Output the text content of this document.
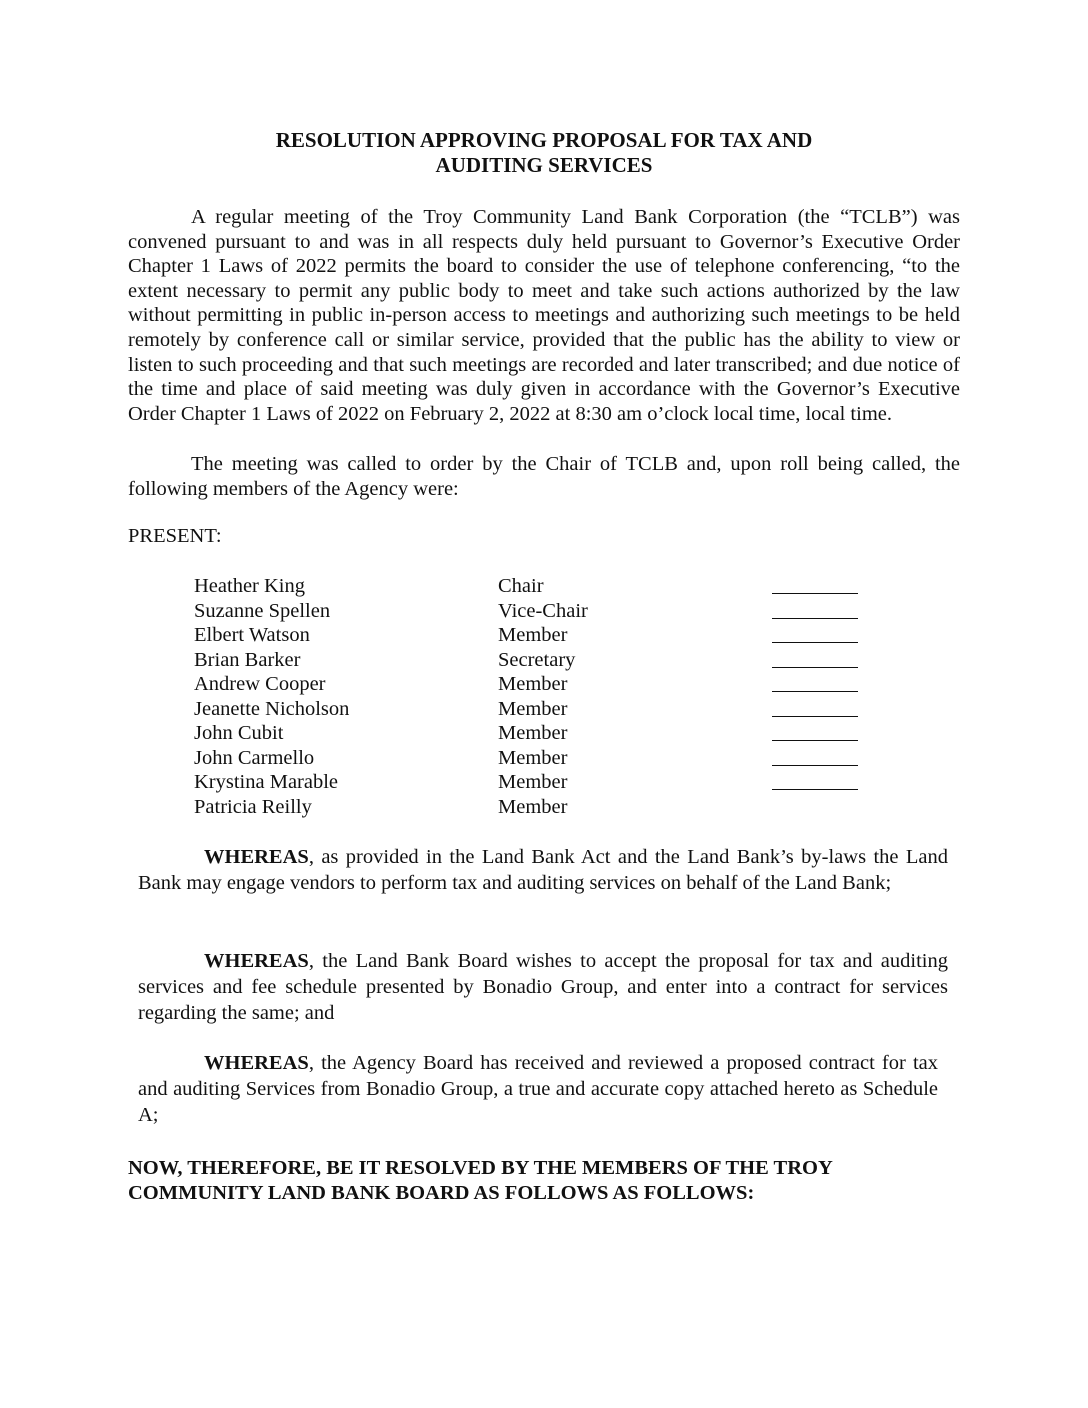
RESOLUTION APPROVING PROPOSAL FOR TAX AND
AUDITING SERVICES

A regular meeting of the Troy Community Land Bank Corporation (the “TCLB”) was convened pursuant to and was in all respects duly held pursuant to Governor’s Executive Order Chapter 1 Laws of 2022 permits the board to consider the use of telephone conferencing, “to the extent necessary to permit any public body to meet and take such actions authorized by the law without permitting in public in-person access to meetings and authorizing such meetings to be held remotely by conference call or similar service, provided that the public has the ability to view or listen to such proceeding and that such meetings are recorded and later transcribed; and due notice of the time and place of said meeting was duly given in accordance with the Governor’s Executive Order Chapter 1 Laws of 2022 on February 2, 2022 at 8:30 am o’clock local time, local time.

The meeting was called to order by the Chair of TCLB and, upon roll being called, the following members of the Agency were:

PRESENT:

Heather King	Chair
Suzanne Spellen	Vice-Chair
Elbert Watson	Member
Brian Barker	Secretary
Andrew Cooper	Member
Jeanette Nicholson	Member
John Cubit	Member
John Carmello	Member
Krystina Marable	Member
Patricia Reilly	Member

WHEREAS, as provided in the Land Bank Act and the Land Bank’s by-laws the Land Bank may engage vendors to perform tax and auditing services on behalf of the Land Bank;

WHEREAS, the Land Bank Board wishes to accept the proposal for tax and auditing services and fee schedule presented by Bonadio Group, and enter into a contract for services regarding the same; and

WHEREAS, the Agency Board has received and reviewed a proposed contract for tax and auditing Services from Bonadio Group, a true and accurate copy attached hereto as Schedule A;

NOW, THEREFORE, BE IT RESOLVED BY THE MEMBERS OF THE TROY
COMMUNITY LAND BANK BOARD AS FOLLOWS AS FOLLOWS:
